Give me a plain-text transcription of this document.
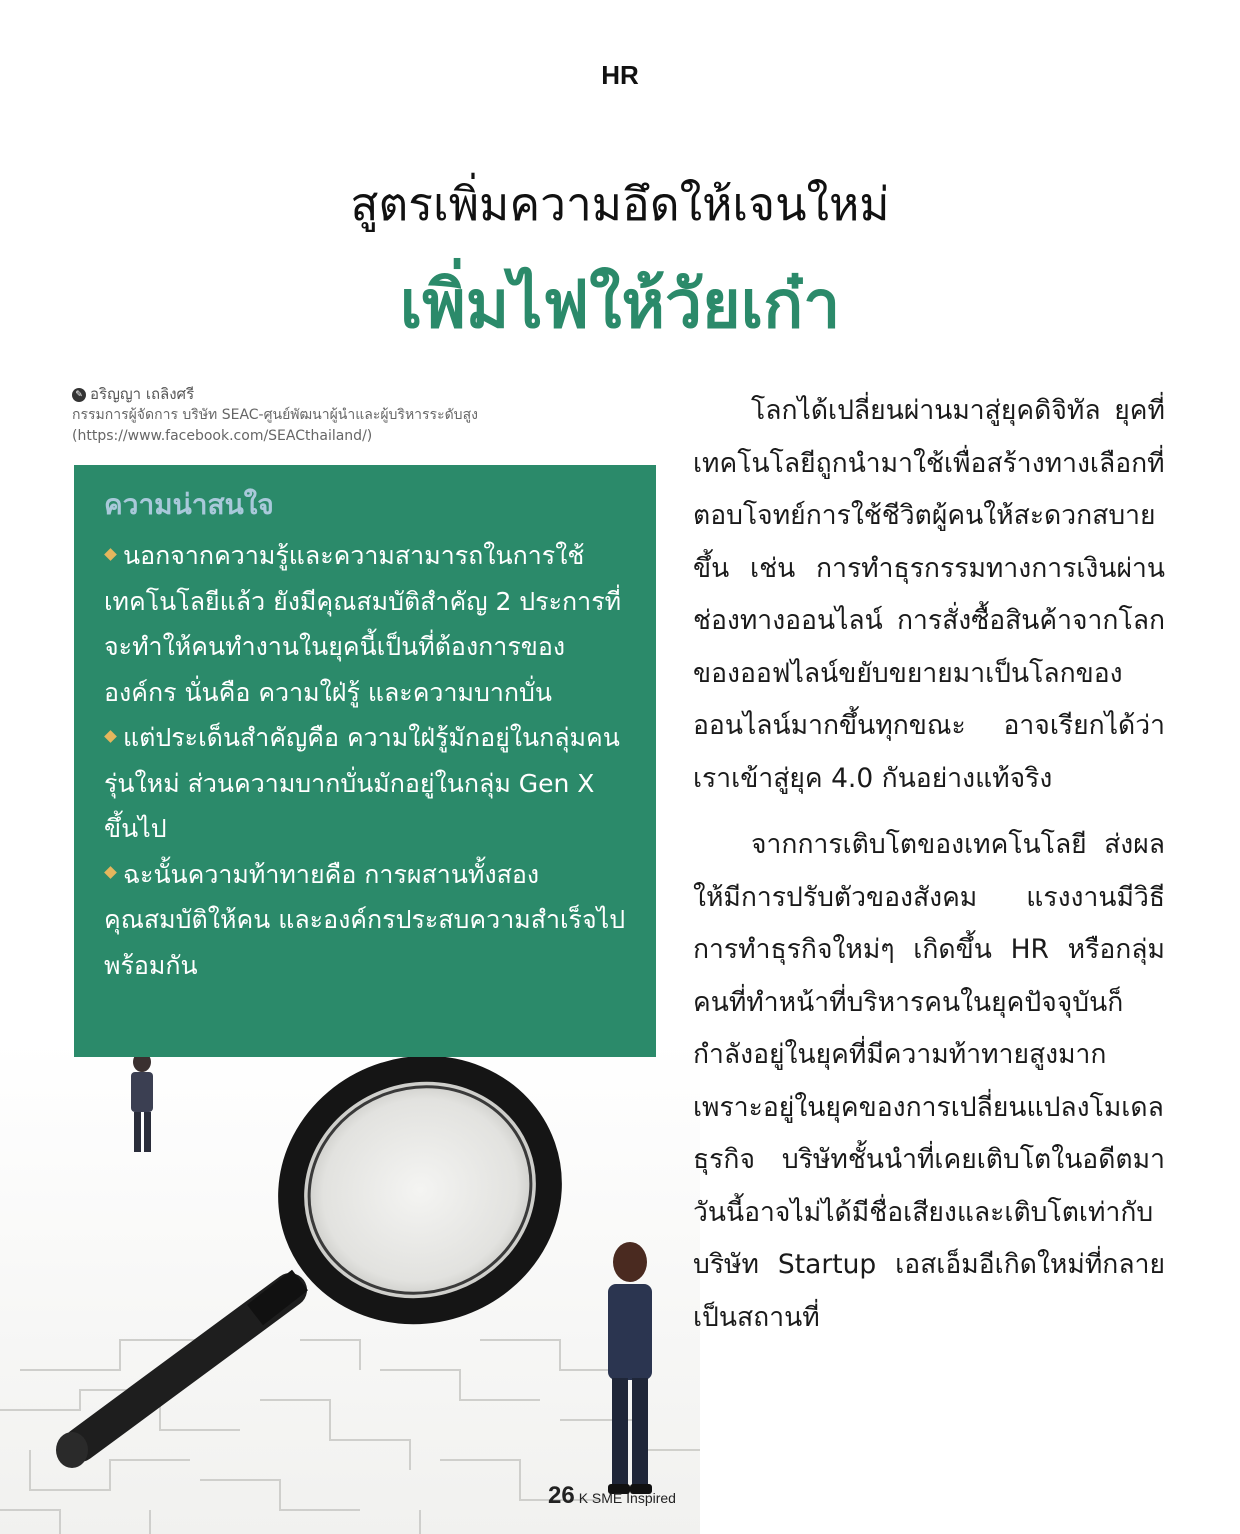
HR
สูตรเพิ่มความอึดให้เจนใหม่
เพิ่มไฟให้วัยเก๋า
✎ อริญญา เถลิงศรี
กรรมการผู้จัดการ บริษัท SEAC-ศูนย์พัฒนาผู้นำและผู้บริหารระดับสูง
(https://www.facebook.com/SEACthailand/)
ความน่าสนใจ
นอกจากความรู้และความสามารถในการใช้เทคโนโลยีแล้ว ยังมีคุณสมบัติสำคัญ 2 ประการที่จะทำให้คนทำงานในยุคนี้เป็นที่ต้องการขององค์กร นั่นคือ ความใฝ่รู้ และความบากบั่น
แต่ประเด็นสำคัญคือ ความใฝ่รู้มักอยู่ในกลุ่มคนรุ่นใหม่ ส่วนความบากบั่นมักอยู่ในกลุ่ม Gen X ขึ้นไป
ฉะนั้นความท้าทายคือ การผสานทั้งสองคุณสมบัติให้คน และองค์กรประสบความสำเร็จไปพร้อมกัน

โลกได้เปลี่ยนผ่านมาสู่ยุคดิจิทัล ยุคที่เทคโนโลยีถูกนำมาใช้เพื่อสร้างทางเลือกที่ตอบโจทย์การใช้ชีวิตผู้คนให้สะดวกสบายขึ้น เช่น การทำธุรกรรมทางการเงินผ่านช่องทางออนไลน์ การสั่งซื้อสินค้าจากโลกของออฟไลน์ขยับขยายมาเป็นโลกของออนไลน์มากขึ้นทุกขณะ อาจเรียกได้ว่าเราเข้าสู่ยุค 4.0 กันอย่างแท้จริง

จากการเติบโตของเทคโนโลยี ส่งผลให้มีการปรับตัวของสังคม แรงงานมีวิธีการทำธุรกิจใหม่ๆ เกิดขึ้น HR หรือกลุ่มคนที่ทำหน้าที่บริหารคนในยุคปัจจุบันก็กำลังอยู่ในยุคที่มีความท้าทายสูงมาก เพราะอยู่ในยุคของการเปลี่ยนแปลงโมเดลธุรกิจ บริษัทชั้นนำที่เคยเติบโตในอดีตมาวันนี้อาจไม่ได้มีชื่อเสียงและเติบโตเท่ากับบริษัท Startup เอสเอ็มอีเกิดใหม่ที่กลายเป็นสถานที่

26 K SME Inspired
